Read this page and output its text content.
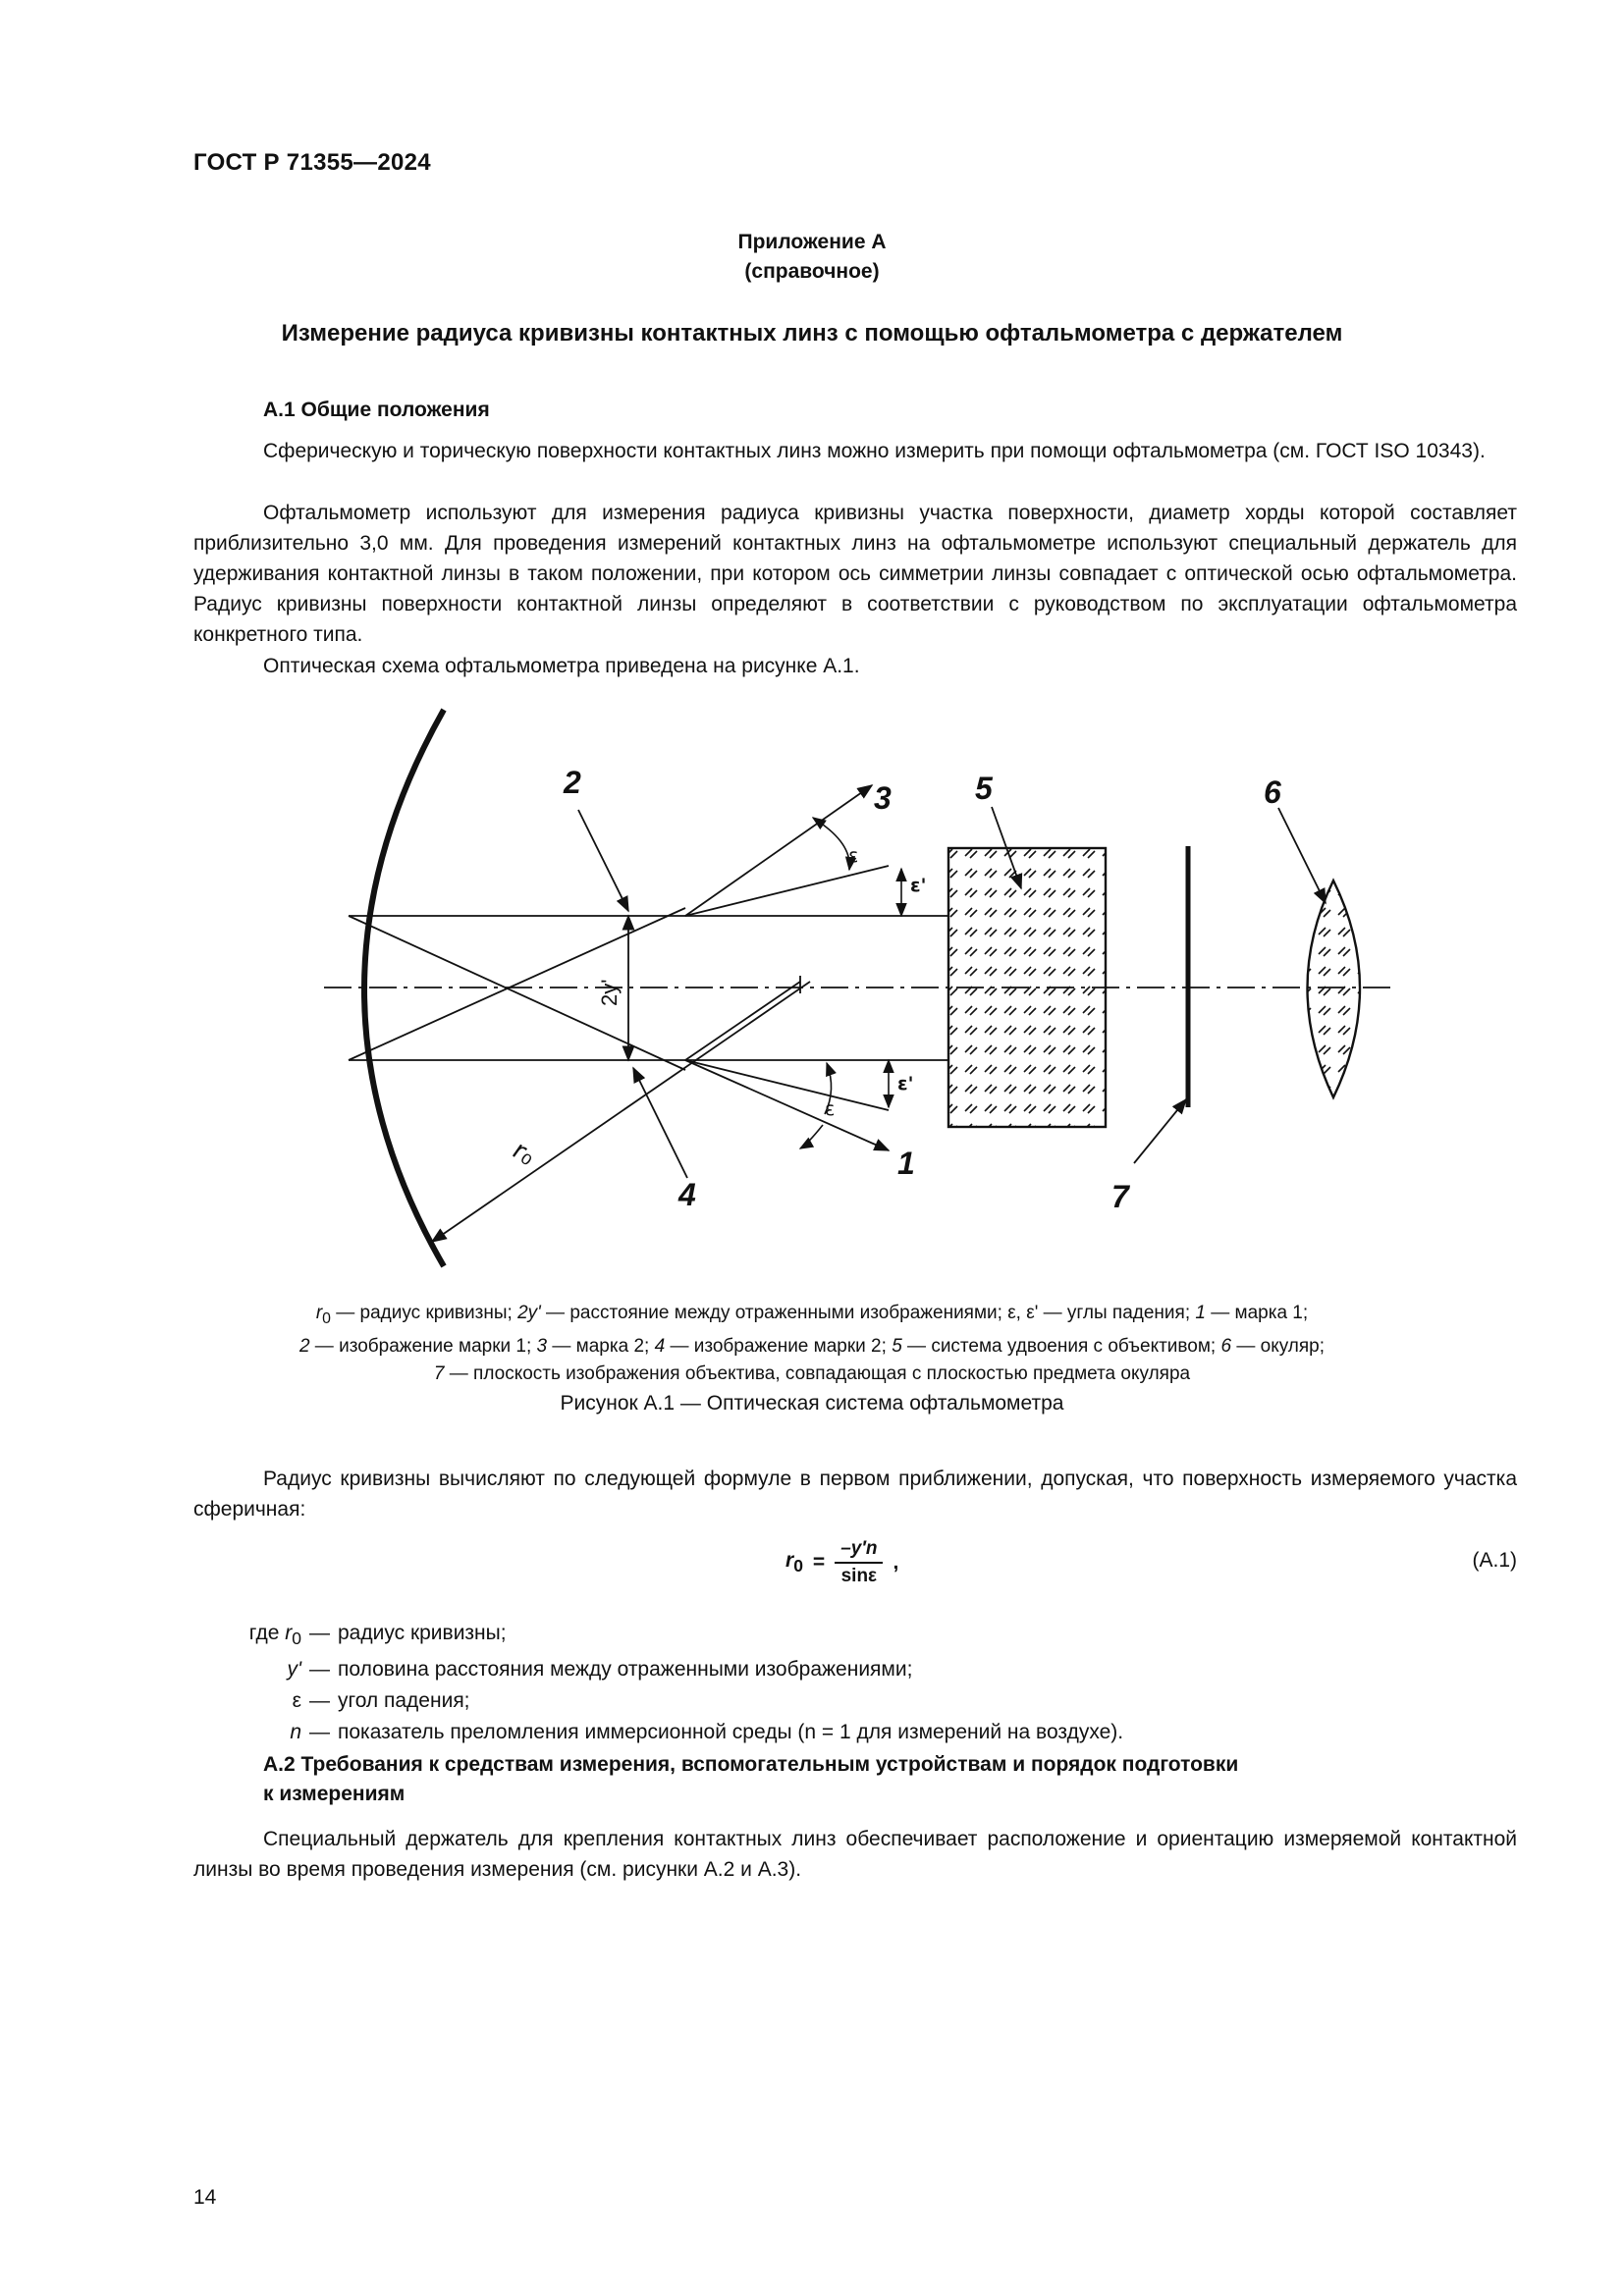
ГОСТ Р 71355—2024
Приложение А
(справочное)
Измерение радиуса кривизны контактных линз с помощью офтальмометра с держателем
А.1 Общие положения

Сферическую и торическую поверхности контактных линз можно измерить при помощи офтальмометра (см. ГОСТ ISO 10343).

Офтальмометр используют для измерения радиуса кривизны участка поверхности, диаметр хорды которой составляет приблизительно 3,0 мм. Для проведения измерений контактных линз на офтальмометре используют специальный держатель для удерживания контактной линзы в таком положении, при котором ось симметрии линзы совпадает с оптической осью офтальмометра. Радиус кривизны поверхности контактной линзы определяют в соответствии с руководством по эксплуатации офтальмометра конкретного типа.

Оптическая схема офтальмометра приведена на рисунке А.1.

1
2	3
4
5	6
7
ε
ε'
ε
ε'
2y'
r₀
$r_0$ — радиус кривизны; 2y' — расстояние между отраженными изображениями; ε, ε' — углы падения; 1 — марка 1;
2 — изображение марки 1; 3 — марка 2; 4 — изображение марки 2; 5 — система удвоения с объективом; 6 — окуляр;
7 — плоскость изображения объектива, совпадающая с плоскостью предмета окуляра
Рисунок А.1 — Оптическая система офтальмометра

Радиус кривизны вычисляют по следующей формуле в первом приближении, допуская, что поверхность измеряемого участка сферичная:

$r_0 = \frac{-y'n}{\sin\varepsilon}$ ,	(А.1)
где $r_0$ — радиус кривизны;
y' — половина расстояния между отраженными изображениями;
ε — угол падения;
n — показатель преломления иммерсионной среды (n = 1 для измерений на воздухе).
А.2 Требования к средствам измерения, вспомогательным устройствам и порядок подготовки
к измерениям

Специальный держатель для крепления контактных линз обеспечивает расположение и ориентацию измеряемой контактной линзы во время проведения измерения (см. рисунки А.2 и А.3).

14
